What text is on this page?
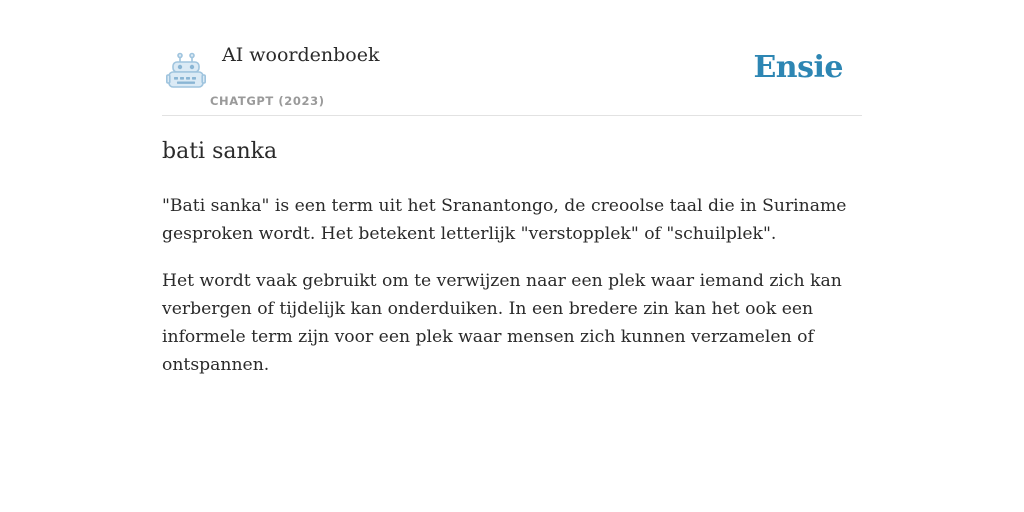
AI woordenboek
CHATGPT (2023)
Ensie
bati sanka

"Bati sanka" is een term uit het Sranantongo, de creoolse taal die in Suriname gesproken wordt. Het betekent letterlijk "verstopplek" of "schuilplek".

Het wordt vaak gebruikt om te verwijzen naar een plek waar iemand zich kan verbergen of tijdelijk kan onderduiken. In een bredere zin kan het ook een informele term zijn voor een plek waar mensen zich kunnen verzamelen of ontspannen.
